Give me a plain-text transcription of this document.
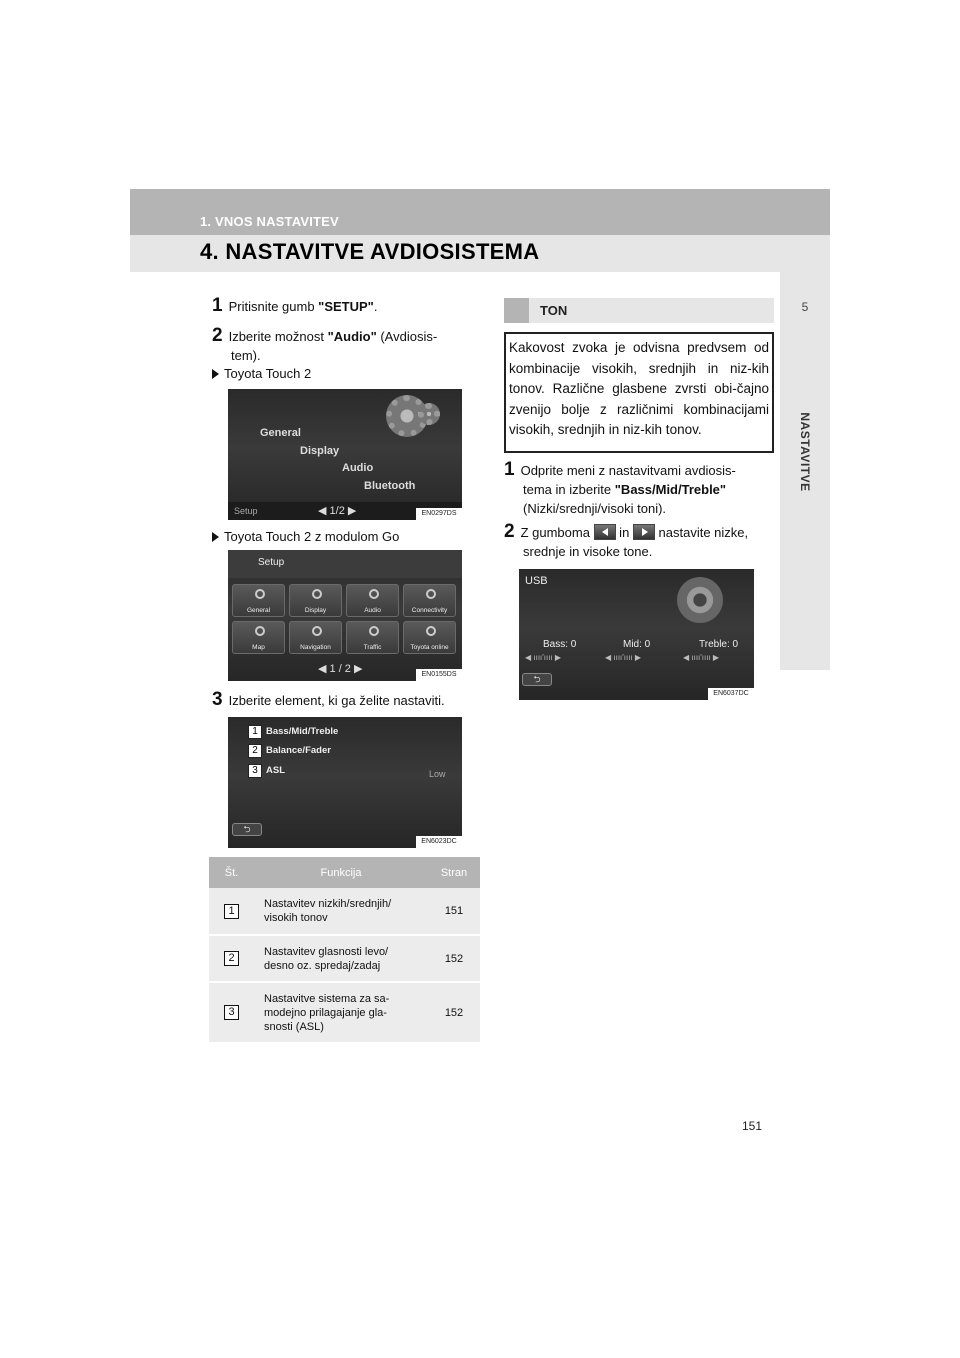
1. VNOS NASTAVITEV
4. NASTAVITVE AVDIOSISTEMA
5
NASTAVITVE
1 Pritisnite gumb "SETUP".
2 Izberite možnost "Audio" (Avdiosis-
tem).
Toyota Touch 2
General
Display
Audio
Bluetooth
Setup	◀ 1/2 ▶	EN0297DS
Toyota Touch 2 z modulom Go
Setup
General	Display	Audio	Connectivity
Map	Navigation	Traffic	Toyota online
◀ 1 / 2 ▶	EN0155DS
3 Izberite element, ki ga želite nastaviti.
1 Bass/Mid/Treble
2 Balance/Fader
3 ASL	Low
⮌
EN6023DC
Št.	Funkcija	Stran
1	Nastavitev nizkih/srednjih/
visokih tonov	151
2	Nastavitev glasnosti levo/
desno oz. spredaj/zadaj	152
3	Nastavitve sistema za sa-
modejno prilagajanje gla-
snosti (ASL)	152
TON
Kakovost zvoka je odvisna predvsem od kombinacije visokih, srednjih in niz-kih tonov. Različne glasbene zvrsti obi-čajno zvenijo bolje z različnimi kombinacijami visokih, srednjih in niz-kih tonov.
1 Odprite meni z nastavitvami avdiosis-
tema in izberite "Bass/Mid/Treble"
(Nizki/srednji/visoki toni).
2 Z gumboma  in  nastavite nizke,
srednje in visoke tone.
USB
Bass: 0	Mid: 0	Treble: 0
◀ ıııı'ıııı ▶	◀ ıııı'ıııı ▶	◀ ıııı'ıııı ▶
⮌
EN6037DC
151
